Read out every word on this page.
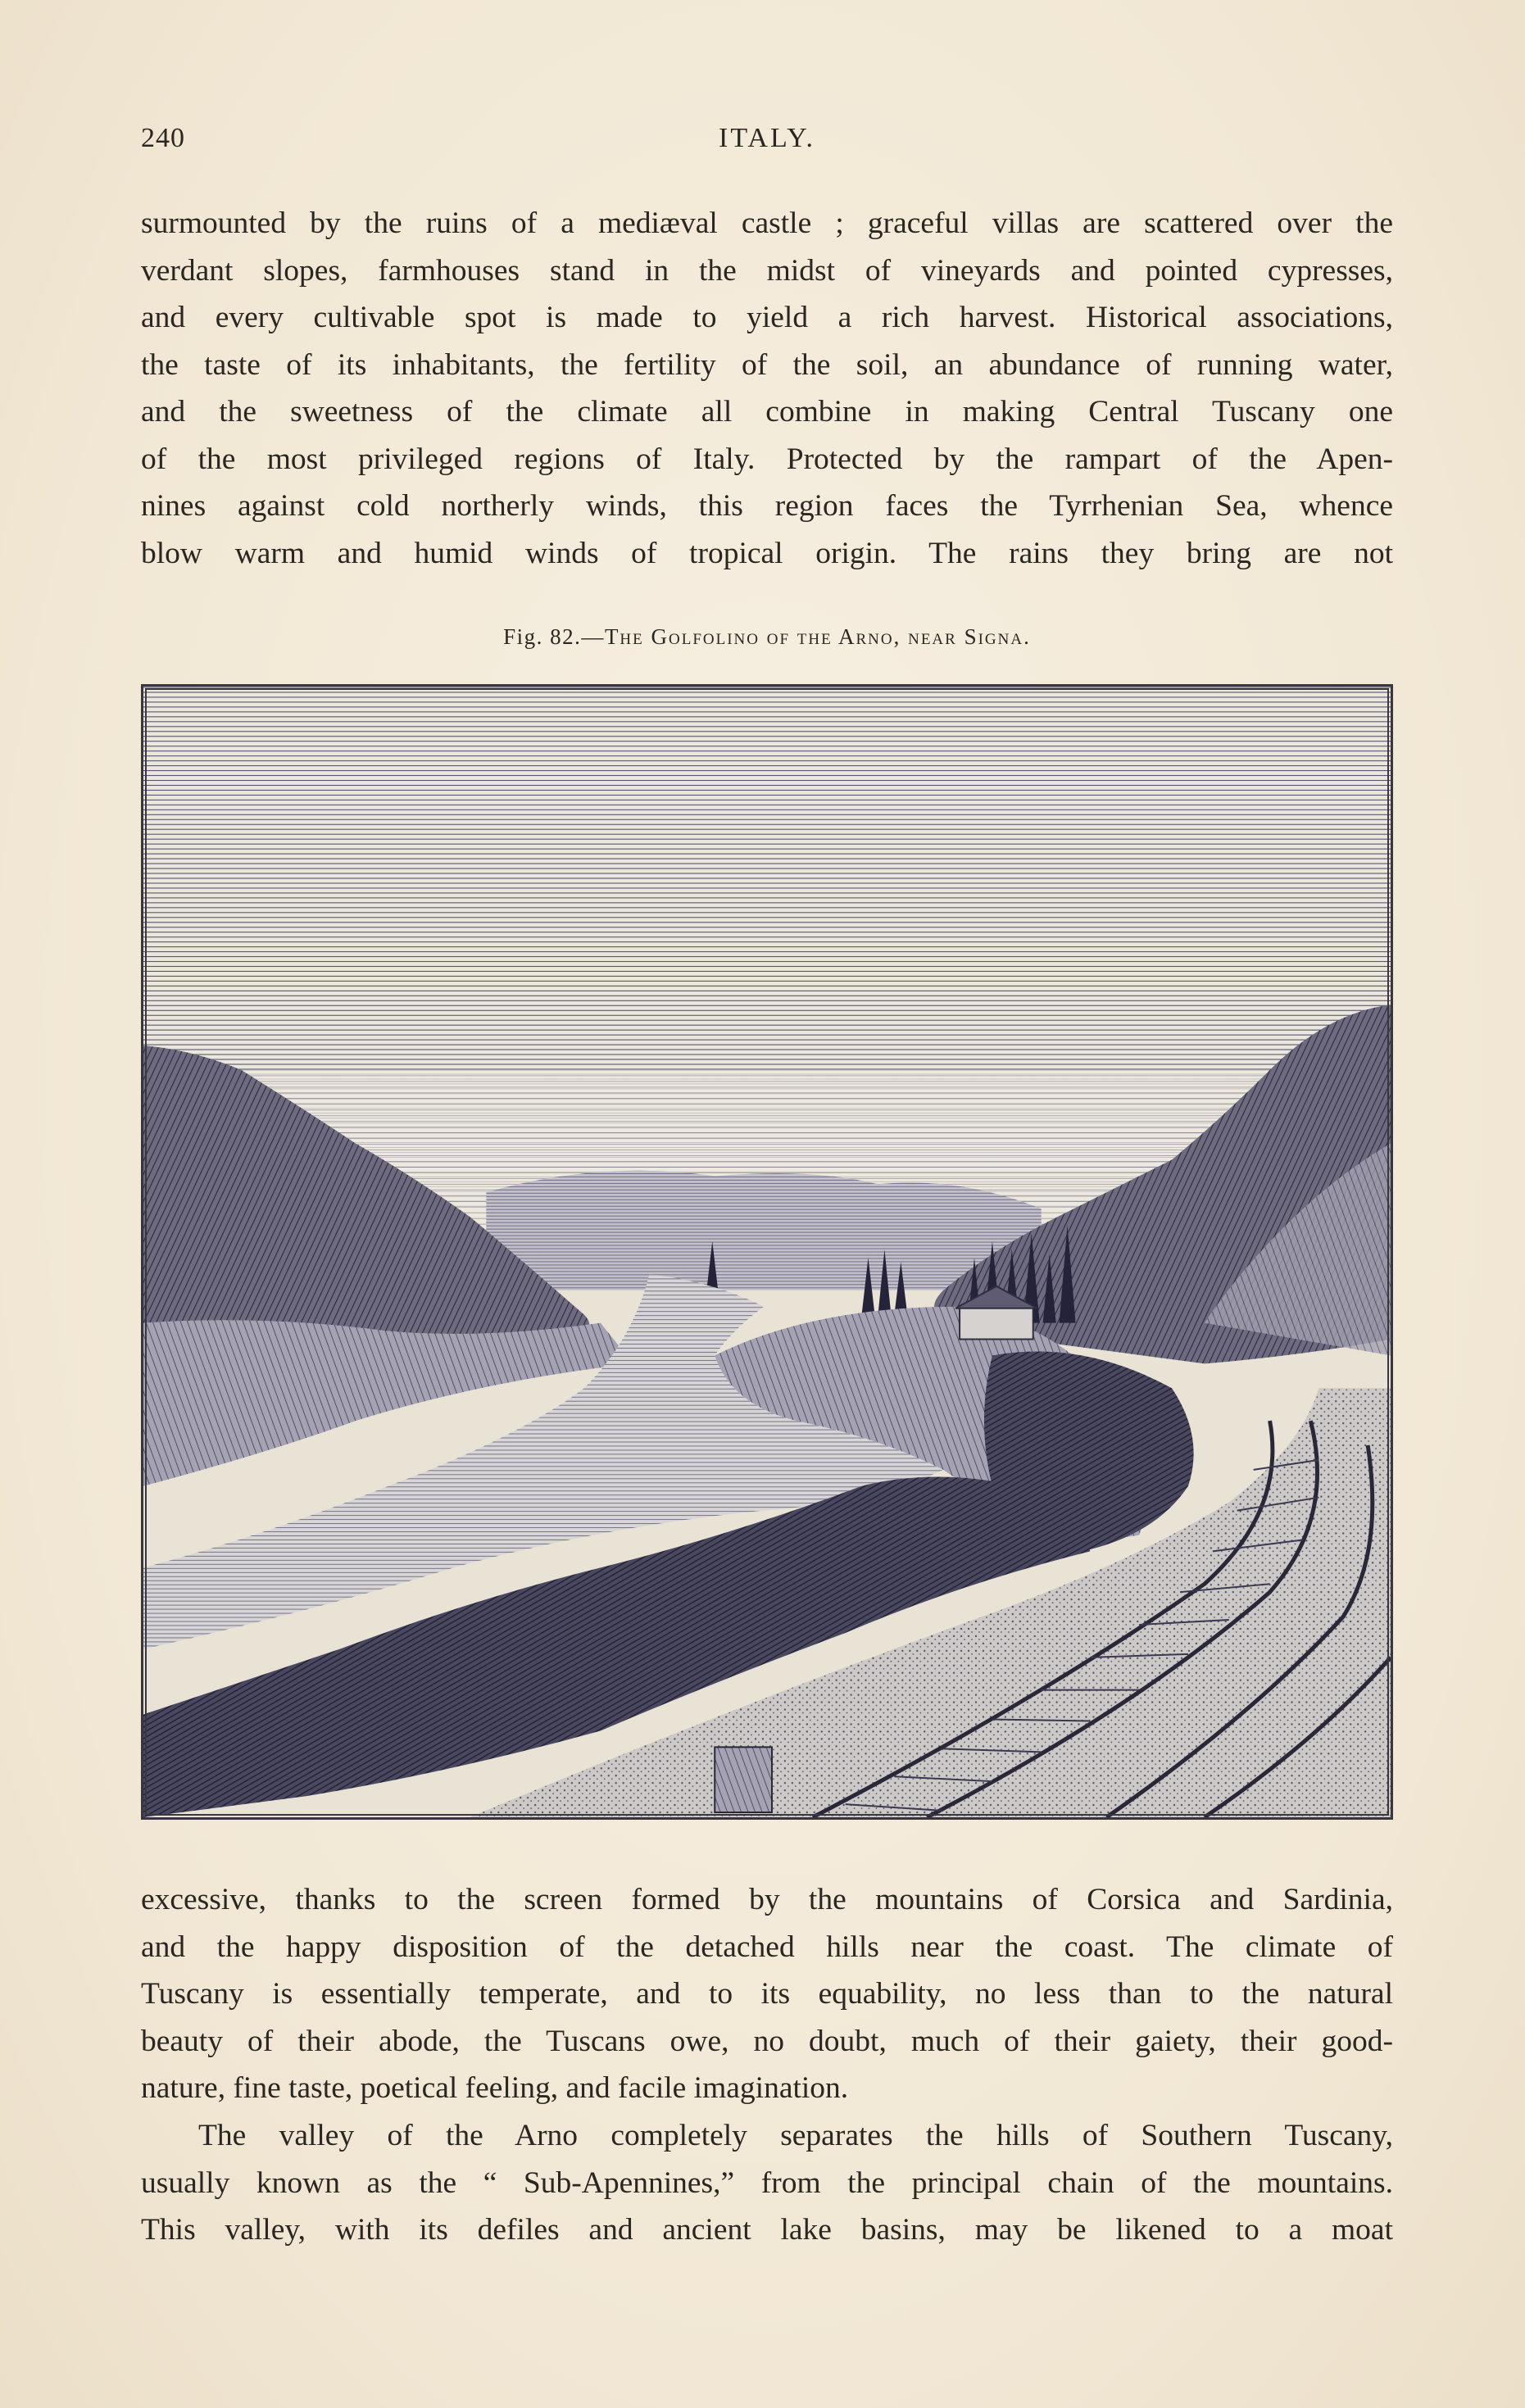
240	ITALY.
surmounted by the ruins of a mediæval castle ; graceful villas are scattered over the
verdant slopes, farmhouses stand in the midst of vineyards and pointed cypresses,
and every cultivable spot is made to yield a rich harvest. Historical associations,
the taste of its inhabitants, the fertility of the soil, an abundance of running water,
and the sweetness of the climate all combine in making Central Tuscany one
of the most privileged regions of Italy. Protected by the rampart of the Apen-
nines against cold northerly winds, this region faces the Tyrrhenian Sea, whence
blow warm and humid winds of tropical origin. The rains they bring are not
Fig. 82.—The Golfolino of the Arno, near Signa.
excessive, thanks to the screen formed by the mountains of Corsica and Sardinia,
and the happy disposition of the detached hills near the coast. The climate of
Tuscany is essentially temperate, and to its equability, no less than to the natural
beauty of their abode, the Tuscans owe, no doubt, much of their gaiety, their good-
nature, fine taste, poetical feeling, and facile imagination.
The valley of the Arno completely separates the hills of Southern Tuscany,
usually known as the “ Sub-Apennines,” from the principal chain of the mountains.
This valley, with its defiles and ancient lake basins, may be likened to a moat
